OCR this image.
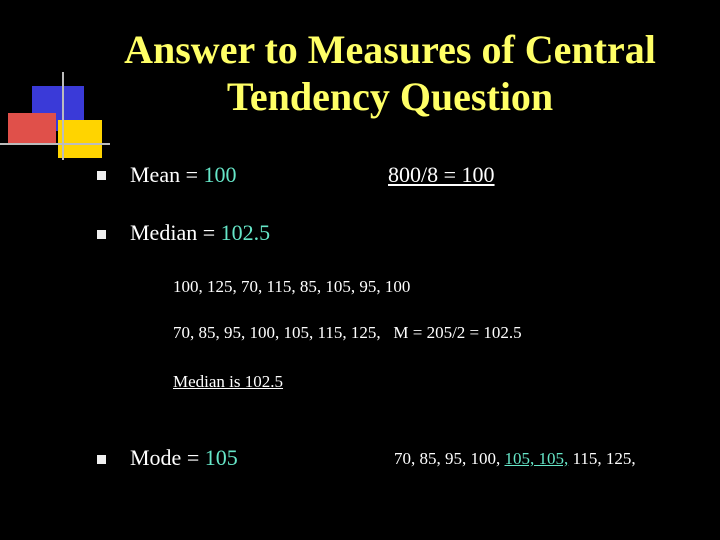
Answer to Measures of Central
Tendency Question
Mean = 100	800/8 = 100
Median = 102.5
100, 125, 70, 115, 85, 105, 95, 100
70, 85, 95, 100, 105, 115, 125, M = 205/2 = 102.5
Median is 102.5
Mode = 105	70, 85, 95, 100, 105, 105, 115, 125,
